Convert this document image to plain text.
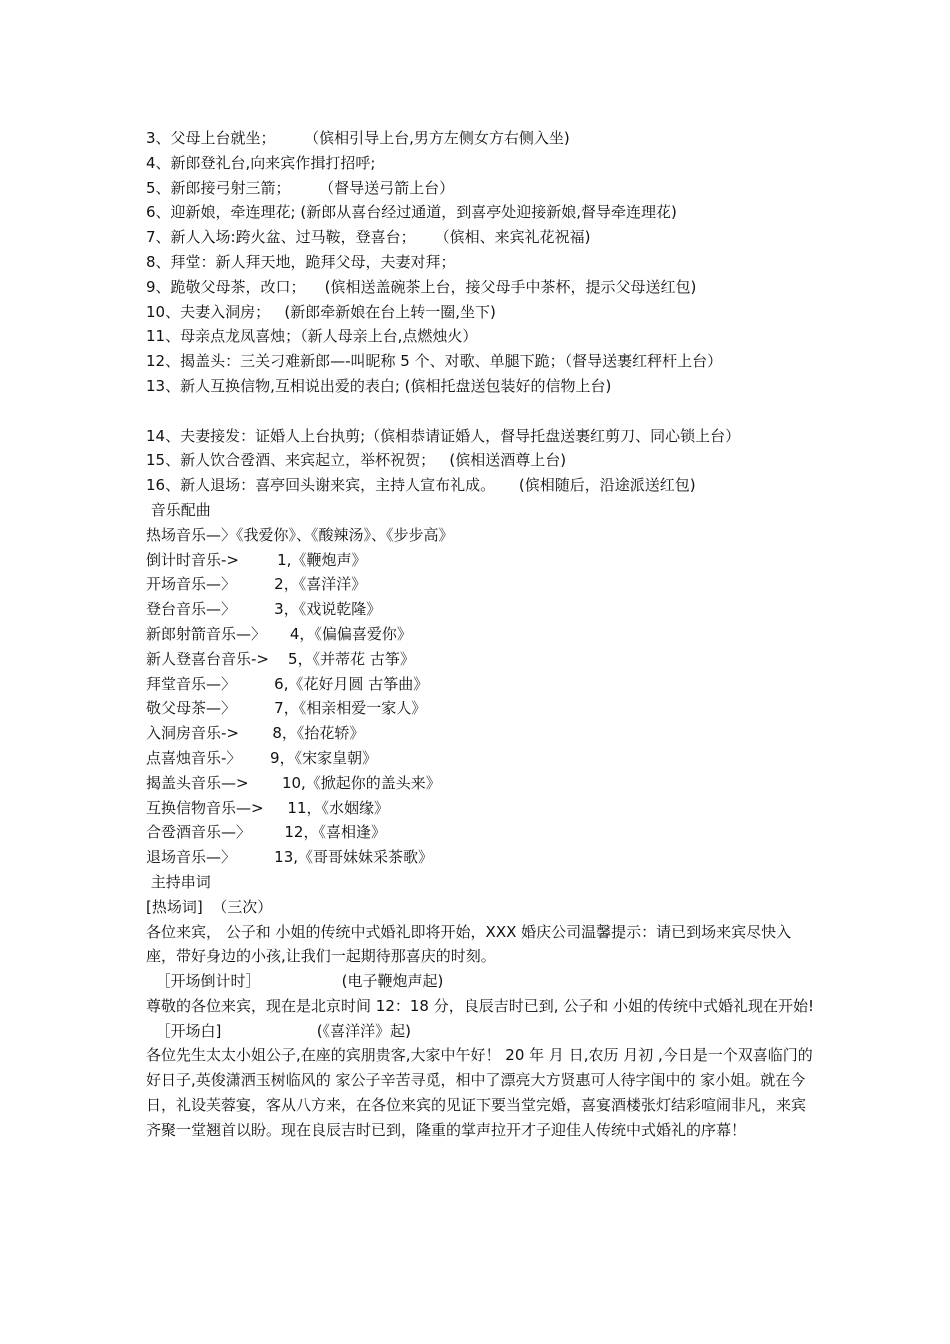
3、父母上台就坐；      （傧相引导上台,男方左侧女方右侧入坐)
4、新郎登礼台,向来宾作揖打招呼;
5、新郎接弓射三箭；      （督导送弓箭上台）
6、迎新娘，牵连理花; (新郎从喜台经过通道，到喜亭处迎接新娘,督导牵连理花)
7、新人入场:跨火盆、过马鞍，登喜台；    （傧相、来宾礼花祝福)
8、拜堂：新人拜天地，跪拜父母，夫妻对拜；
9、跪敬父母茶，改口；    (傧相送盖碗茶上台，接父母手中茶杯，提示父母送红包)
10、夫妻入洞房；   (新郎牵新娘在台上转一圈,坐下)
11、母亲点龙凤喜烛；（新人母亲上台,点燃烛火）
12、揭盖头：三关刁难新郎—-叫昵称 5 个、对歌、单腿下跪；（督导送裹红秤杆上台）
13、新人互换信物,互相说出爱的表白; (傧相托盘送包装好的信物上台)
14、夫妻接发：证婚人上台执剪;（傧相恭请证婚人，督导托盘送裹红剪刀、同心锁上台）
15、新人饮合卺酒、来宾起立，举杯祝贺；   (傧相送酒尊上台)
16、新人退场：喜亭回头谢来宾，主持人宣布礼成。     (傧相随后，沿途派送红包)
音乐配曲
热场音乐—〉《我爱你》、《酸辣汤》、《步步高》
倒计时音乐->        1,《鞭炮声》
开场音乐—〉        2，《喜洋洋》
登台音乐—〉        3，《戏说乾隆》
新郎射箭音乐—〉     4，《偏偏喜爱你》
新人登喜台音乐->    5，《并蒂花 古筝》
拜堂音乐—〉        6,《花好月圆 古筝曲》
敬父母茶—〉        7，《相亲相爱一家人》
入洞房音乐->       8，《抬花轿》
点喜烛音乐-〉      9，《宋家皇朝》
揭盖头音乐—>       10,《掀起你的盖头来》
互换信物音乐—>     11，《水姻缘》
合卺酒音乐—〉       12，《喜相逢》
退场音乐—〉        13,《哥哥妹妹采茶歌》
主持串词
[热场词]  （三次）
各位来宾， 公子和 小姐的传统中式婚礼即将开始，XXX 婚庆公司温馨提示：请已到场来宾尽快入座，带好身边的小孩,让我们一起期待那喜庆的时刻。
［开场倒计时］                 (电子鞭炮声起)
尊敬的各位来宾，现在是北京时间 12：18 分，良辰吉时已到, 公子和 小姐的传统中式婚礼现在开始!
［开场白]                    (《喜洋洋》起)
各位先生太太小姐公子,在座的宾朋贵客,大家中午好！ 20 年 月 日,农历 月初 ,今日是一个双喜临门的好日子,英俊潇洒玉树临风的 家公子辛苦寻觅，相中了漂亮大方贤惠可人待字闺中的 家小姐。就在今日，礼设芙蓉宴，客从八方来，在各位来宾的见证下要当堂完婚，喜宴酒楼张灯结彩喧闹非凡，来宾齐聚一堂翘首以盼。现在良辰吉时已到，隆重的掌声拉开才子迎佳人传统中式婚礼的序幕！
